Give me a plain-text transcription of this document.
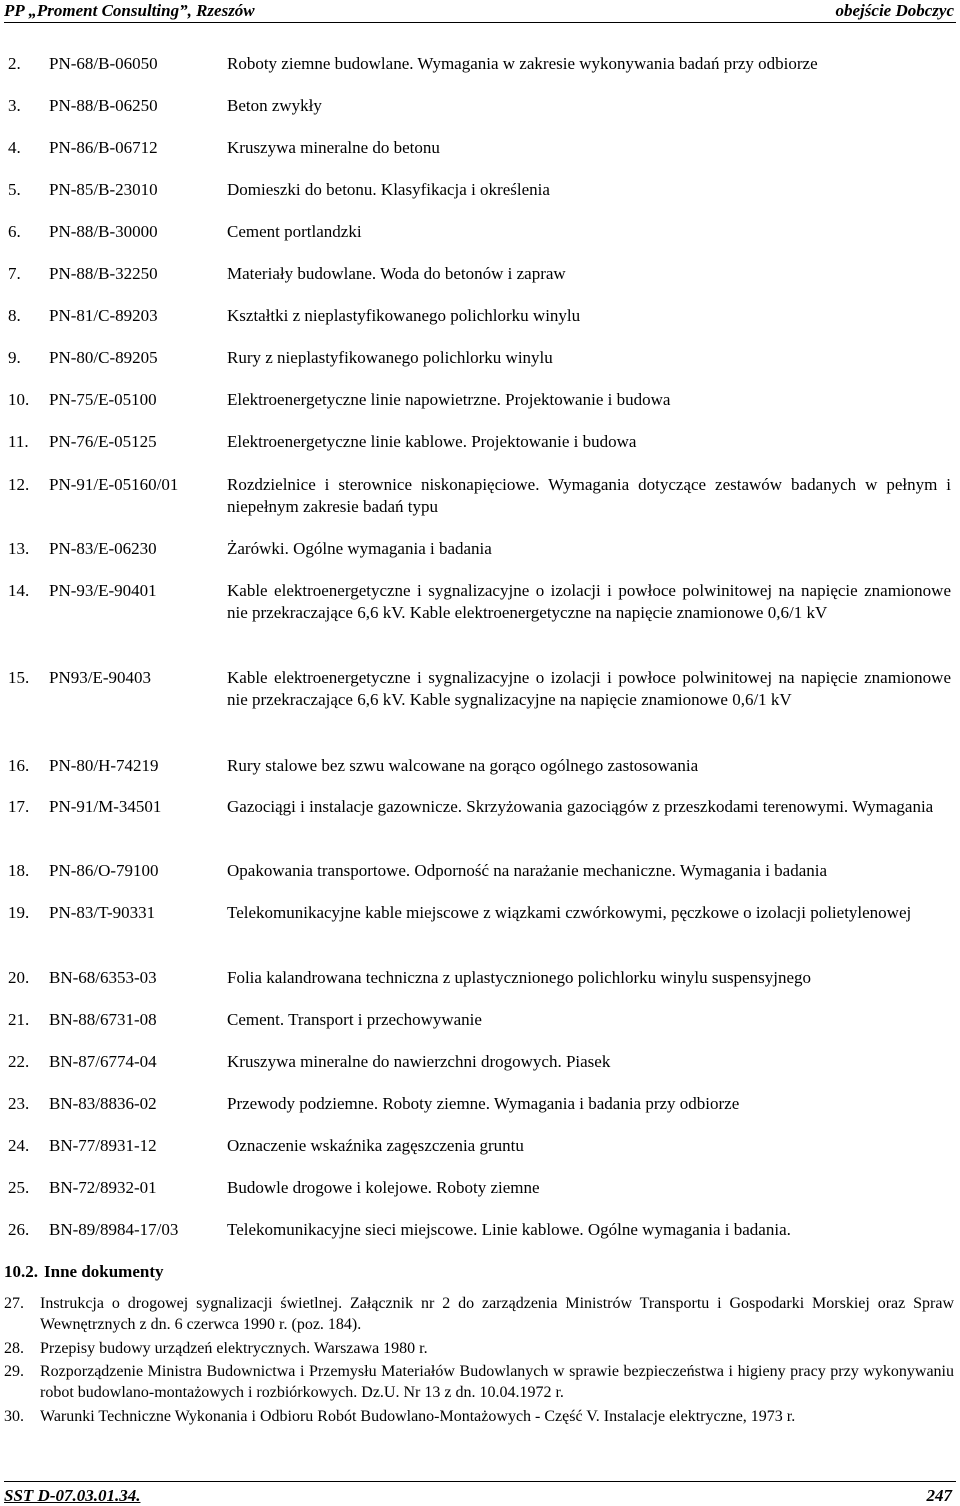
PP „Proment Consulting”, Rzeszów	obejście Dobczyc
2.	PN-68/B-06050	Roboty ziemne budowlane. Wymagania w zakresie wykonywania badań przy odbiorze
3.	PN-88/B-06250	Beton zwykły
4.	PN-86/B-06712	Kruszywa mineralne do betonu
5.	PN-85/B-23010	Domieszki do betonu. Klasyfikacja i określenia
6.	PN-88/B-30000	Cement portlandzki
7.	PN-88/B-32250	Materiały budowlane. Woda do betonów i zapraw
8.	PN-81/C-89203	Kształtki z nieplastyfikowanego polichlorku winylu
9.	PN-80/C-89205	Rury z nieplastyfikowanego polichlorku winylu
10.	PN-75/E-05100	Elektroenergetyczne linie napowietrzne. Projektowanie i budowa
11.	PN-76/E-05125	Elektroenergetyczne linie kablowe. Projektowanie i budowa
12.	PN-91/E-05160/01	Rozdzielnice i sterownice niskonapięciowe. Wymagania dotyczące zestawów badanych w pełnym i niepełnym zakresie badań typu
13.	PN-83/E-06230	Żarówki. Ogólne wymagania i badania
14.	PN-93/E-90401	Kable elektroenergetyczne i sygnalizacyjne o izolacji i powłoce polwinitowej na napięcie znamionowe nie przekraczające 6,6 kV. Kable elektroenergetyczne na napięcie znamionowe 0,6/1 kV
15.	PN93/E-90403	Kable elektroenergetyczne i sygnalizacyjne o izolacji i powłoce polwinitowej na napięcie znamionowe nie przekraczające 6,6 kV. Kable sygnalizacyjne na napięcie znamionowe 0,6/1 kV
16.	PN-80/H-74219	Rury stalowe bez szwu walcowane na gorąco ogólnego zastosowania
17.	PN-91/M-34501	Gazociągi i instalacje gazownicze. Skrzyżowania gazociągów z przeszkodami terenowymi. Wymagania
18.	PN-86/O-79100	Opakowania transportowe. Odporność na narażanie mechaniczne. Wymagania i badania
19.	PN-83/T-90331	Telekomunikacyjne kable miejscowe z wiązkami czwórkowymi, pęczkowe o izolacji polietylenowej
20.	BN-68/6353-03	Folia kalandrowana techniczna z uplastycznionego polichlorku winylu suspensyjnego
21.	BN-88/6731-08	Cement. Transport i przechowywanie
22.	BN-87/6774-04	Kruszywa mineralne do nawierzchni drogowych. Piasek
23.	BN-83/8836-02	Przewody podziemne. Roboty ziemne. Wymagania i badania przy odbiorze
24.	BN-77/8931-12	Oznaczenie wskaźnika zagęszczenia gruntu
25.	BN-72/8932-01	Budowle drogowe i kolejowe. Roboty ziemne
26.	BN-89/8984-17/03	Telekomunikacyjne sieci miejscowe. Linie kablowe. Ogólne wymagania i badania.
10.2. Inne dokumenty
27. Instrukcja o drogowej sygnalizacji świetlnej. Załącznik nr 2 do zarządzenia Ministrów Transportu i Gospodarki Morskiej oraz Spraw Wewnętrznych z dn. 6 czerwca 1990 r. (poz. 184).
28. Przepisy budowy urządzeń elektrycznych. Warszawa 1980 r.
29. Rozporządzenie Ministra Budownictwa i Przemysłu Materiałów Budowlanych w sprawie bezpieczeństwa i higieny pracy przy wykonywaniu robot budowlano-montażowych i rozbiórkowych. Dz.U. Nr 13 z dn. 10.04.1972 r.
30. Warunki Techniczne Wykonania i Odbioru Robót Budowlano-Montażowych - Część V. Instalacje elektryczne, 1973 r.
SST D-07.03.01.34.	247
